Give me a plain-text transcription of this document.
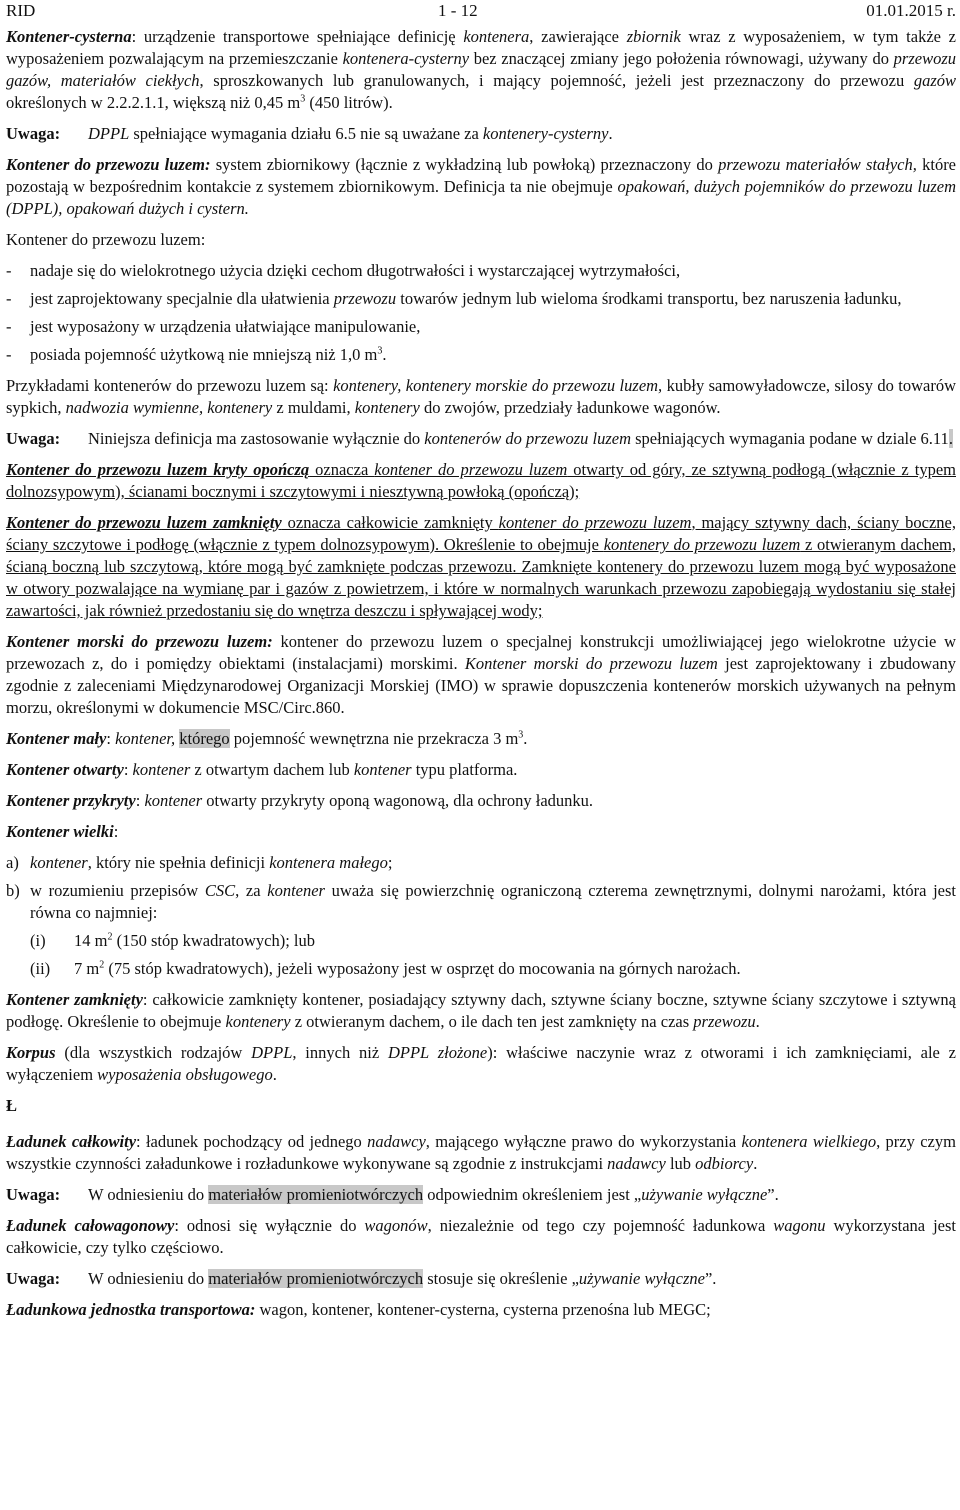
RID	1 - 12	01.01.2015 r.

Kontener-cysterna: urządzenie transportowe spełniające definicję kontenera, zawierające zbiornik wraz z wyposażeniem, w tym także z wyposażeniem pozwalającym na przemieszczanie kontenera-cysterny bez znaczącej zmiany jego położenia równowagi, używany do przewozu gazów, materiałów ciekłych, sproszkowanych lub granulowanych, i mający pojemność, jeżeli jest przeznaczony do przewozu gazów określonych w 2.2.2.1.1, większą niż 0,45 $m^3$ (450 litrów).

Uwaga:	DPPL spełniające wymagania działu 6.5 nie są uważane za kontenery-cysterny.

Kontener do przewozu luzem: system zbiornikowy (łącznie z wykładziną lub powłoką) przeznaczony do przewozu materiałów stałych, które pozostają w bezpośrednim kontakcie z systemem zbiornikowym. Definicja ta nie obejmuje opakowań, dużych pojemników do przewozu luzem (DPPL), opakowań dużych i cystern.

Kontener do przewozu luzem:

-	nadaje się do wielokrotnego użycia dzięki cechom długotrwałości i wystarczającej wytrzymałości,
-	jest zaprojektowany specjalnie dla ułatwienia przewozu towarów jednym lub wieloma środkami transportu, bez naruszenia ładunku,
-	jest wyposażony w urządzenia ułatwiające manipulowanie,
-	posiada pojemność użytkową nie mniejszą niż 1,0 $m^3$.

Przykładami kontenerów do przewozu luzem są: kontenery, kontenery morskie do przewozu luzem, kubły samowyładowcze, silosy do towarów sypkich, nadwozia wymienne, kontenery z muldami, kontenery do zwojów, przedziały ładunkowe wagonów.

Uwaga:	Niniejsza definicja ma zastosowanie wyłącznie do kontenerów do przewozu luzem spełniających wymagania podane w dziale 6.11.

Kontener do przewozu luzem kryty opończą oznacza kontener do przewozu luzem otwarty od góry, ze sztywną podłogą (włącznie z typem dolnozsypowym), ścianami bocznymi i szczytowymi i niesztywną powłoką (opończą);

Kontener do przewozu luzem zamknięty oznacza całkowicie zamknięty kontener do przewozu luzem, mający sztywny dach, ściany boczne, ściany szczytowe i podłogę (włącznie z typem dolnozsypowym). Określenie to obejmuje kontenery do przewozu luzem z otwieranym dachem, ścianą boczną lub szczytową, które mogą być zamknięte podczas przewozu. Zamknięte kontenery do przewozu luzem mogą być wyposażone w otwory pozwalające na wymianę par i gazów z powietrzem, i które w normalnych warunkach przewozu zapobiegają wydostaniu się stałej zawartości, jak również przedostaniu się do wnętrza deszczu i spływającej wody;

Kontener morski do przewozu luzem: kontener do przewozu luzem o specjalnej konstrukcji umożliwiającej jego wielokrotne użycie w przewozach z, do i pomiędzy obiektami (instalacjami) morskimi. Kontener morski do przewozu luzem jest zaprojektowany i zbudowany zgodnie z zaleceniami Międzynarodowej Organizacji Morskiej (IMO) w sprawie dopuszczenia kontenerów morskich używanych na pełnym morzu, określonymi w dokumencie MSC/Circ.860.

Kontener mały: kontener, którego pojemność wewnętrzna nie przekracza 3 $m^3$.

Kontener otwarty: kontener z otwartym dachem lub kontener typu platforma.

Kontener przykryty: kontener otwarty przykryty oponą wagonową, dla ochrony ładunku.

Kontener wielki:

a) kontener, który nie spełnia definicji kontenera małego;
b) w rozumieniu przepisów CSC, za kontener uważa się powierzchnię ograniczoną czterema zewnętrznymi, dolnymi narożami, która jest równa co najmniej:
(i)	14 $m^2$ (150 stóp kwadratowych); lub
(ii)	7 $m^2$ (75 stóp kwadratowych), jeżeli wyposażony jest w osprzęt do mocowania na górnych narożach.

Kontener zamknięty: całkowicie zamknięty kontener, posiadający sztywny dach, sztywne ściany boczne, sztywne ściany szczytowe i sztywną podłogę. Określenie to obejmuje kontenery z otwieranym dachem, o ile dach ten jest zamknięty na czas przewozu.

Korpus (dla wszystkich rodzajów DPPL, innych niż DPPL złożone): właściwe naczynie wraz z otworami i ich zamknięciami, ale z wyłączeniem wyposażenia obsługowego.

Ł

Ładunek całkowity: ładunek pochodzący od jednego nadawcy, mającego wyłączne prawo do wykorzystania kontenera wielkiego, przy czym wszystkie czynności załadunkowe i rozładunkowe wykonywane są zgodnie z instrukcjami nadawcy lub odbiorcy.

Uwaga:	W odniesieniu do materiałów promieniotwórczych odpowiednim określeniem jest „używanie wyłączne”.

Ładunek całowagonowy: odnosi się wyłącznie do wagonów, niezależnie od tego czy pojemność ładunkowa wagonu wykorzystana jest całkowicie, czy tylko częściowo.

Uwaga:	W odniesieniu do materiałów promieniotwórczych stosuje się określenie „używanie wyłączne”.

Ładunkowa jednostka transportowa: wagon, kontener, kontener-cysterna, cysterna przenośna lub MEGC;
